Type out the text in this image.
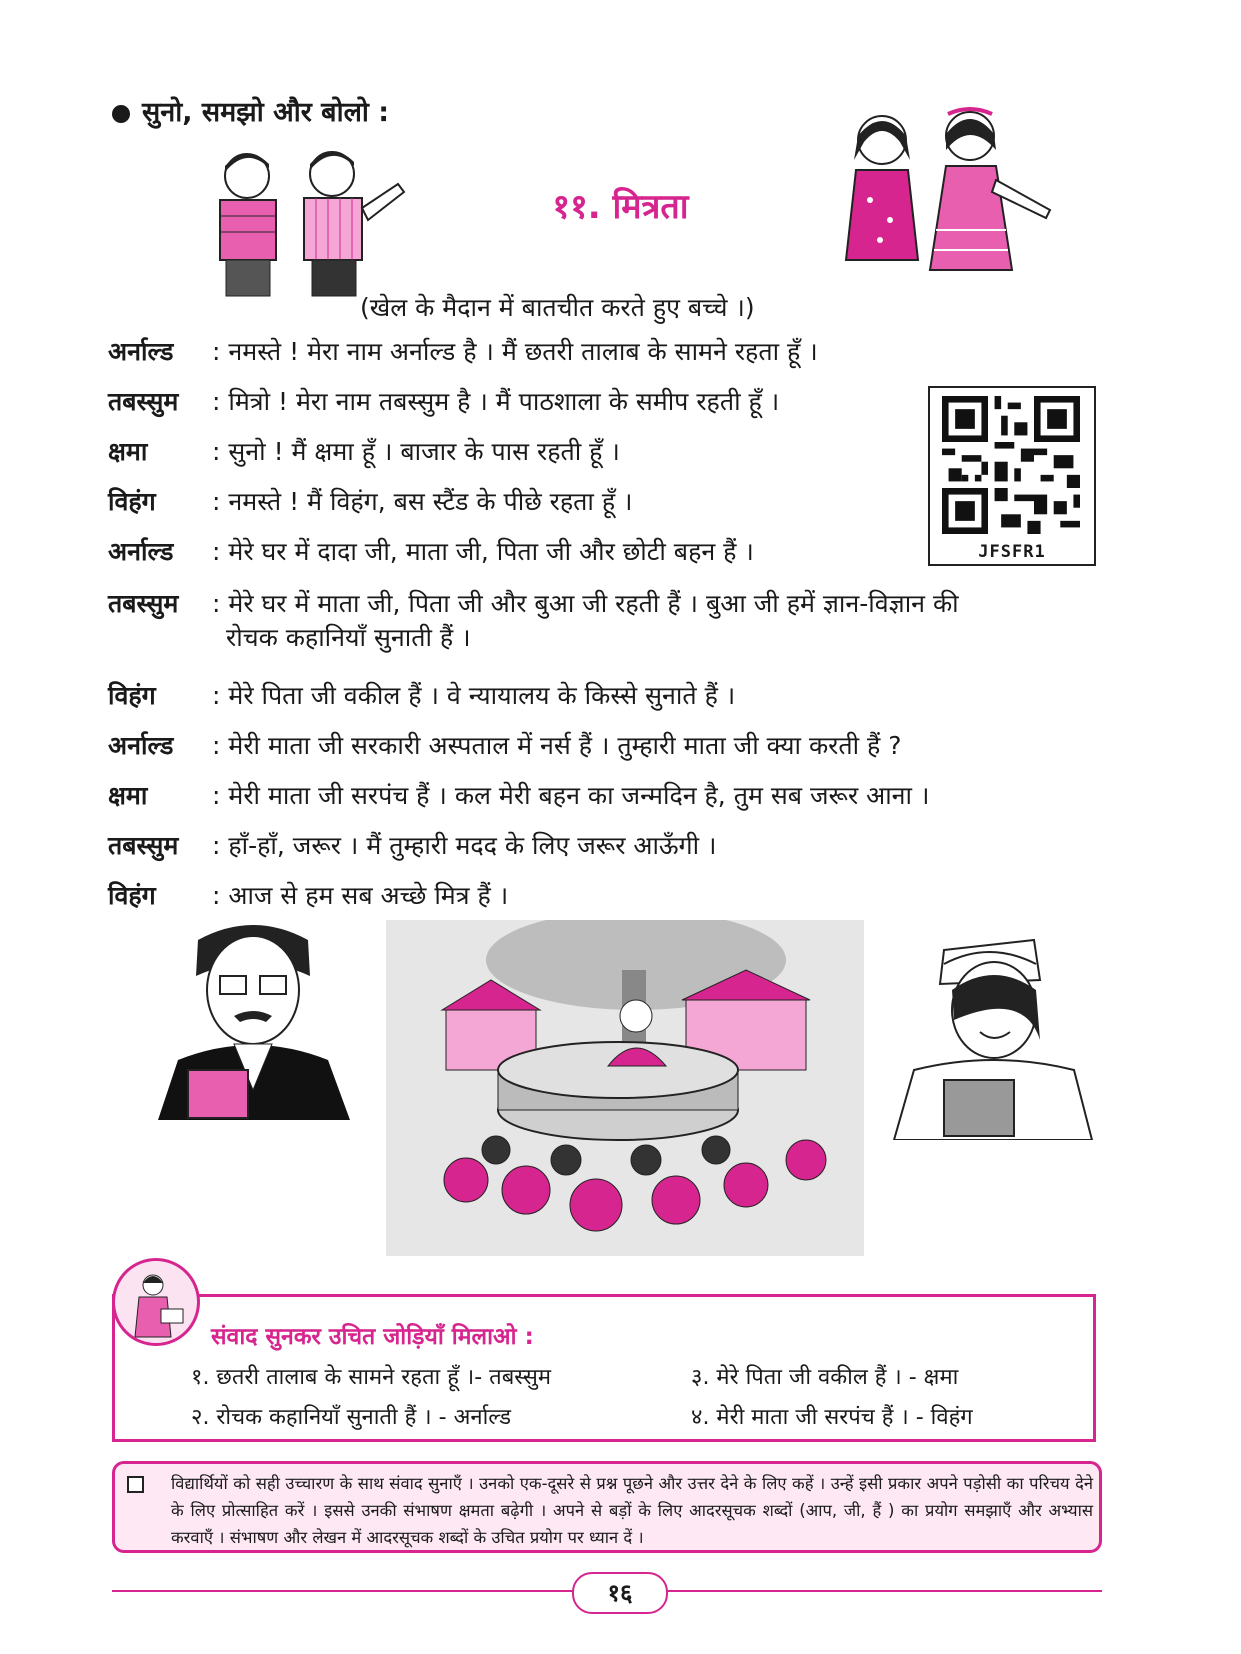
सुनो, समझो और बोलो :
११. मित्रता
(खेल के मैदान में बातचीत करते हुए बच्चे ।)
अर्नाल्ड : नमस्ते ! मेरा नाम अर्नाल्ड है । मैं छतरी तालाब के सामने रहता हूँ ।
तबस्सुम : मित्रो ! मेरा नाम तबस्सुम है । मैं पाठशाला के समीप रहती हूँ ।
क्षमा	: सुनो ! मैं क्षमा हूँ । बाजार के पास रहती हूँ ।
विहंग : नमस्ते ! मैं विहंग, बस स्टैंड के पीछे रहता हूँ ।
अर्नाल्ड : मेरे घर में दादा जी, माता जी, पिता जी और छोटी बहन हैं ।
तबस्सुम : मेरे घर में माता जी, पिता जी और बुआ जी रहती हैं । बुआ जी हमें ज्ञान-विज्ञान की
रोचक कहानियाँ सुनाती हैं ।
विहंग : मेरे पिता जी वकील हैं । वे न्यायालय के किस्से सुनाते हैं ।
अर्नाल्ड : मेरी माता जी सरकारी अस्पताल में नर्स हैं । तुम्हारी माता जी क्या करती हैं ?
क्षमा	: मेरी माता जी सरपंच हैं । कल मेरी बहन का जन्मदिन है, तुम सब जरूर आना ।
तबस्सुम : हाँ-हाँ, जरूर । मैं तुम्हारी मदद के लिए जरूर आऊँगी ।
विहंग : आज से हम सब अच्छे मित्र हैं ।
JFSFR1
संवाद सुनकर उचित जोड़ियाँ मिलाओ :
१. छतरी तालाब के सामने रहता हूँ ।- तबस्सुम	३. मेरे पिता जी वकील हैं । - क्षमा
२. रोचक कहानियाँ सुनाती हैं । - अर्नाल्ड	४. मेरी माता जी सरपंच हैं । - विहंग
विद्यार्थियों को सही उच्चारण के साथ संवाद सुनाएँ । उनको एक-दूसरे से प्रश्न पूछने और उत्तर देने के लिए कहें । उन्हें इसी प्रकार अपने पड़ोसी का परिचय देने के लिए प्रोत्साहित करें । इससे उनकी संभाषण क्षमता बढ़ेगी । अपने से बड़ों के लिए आदरसूचक शब्दों (आप, जी, हैं ) का प्रयोग समझाएँ और अभ्यास करवाएँ । संभाषण और लेखन में आदरसूचक शब्दों के उचित प्रयोग पर ध्यान दें ।
१६
